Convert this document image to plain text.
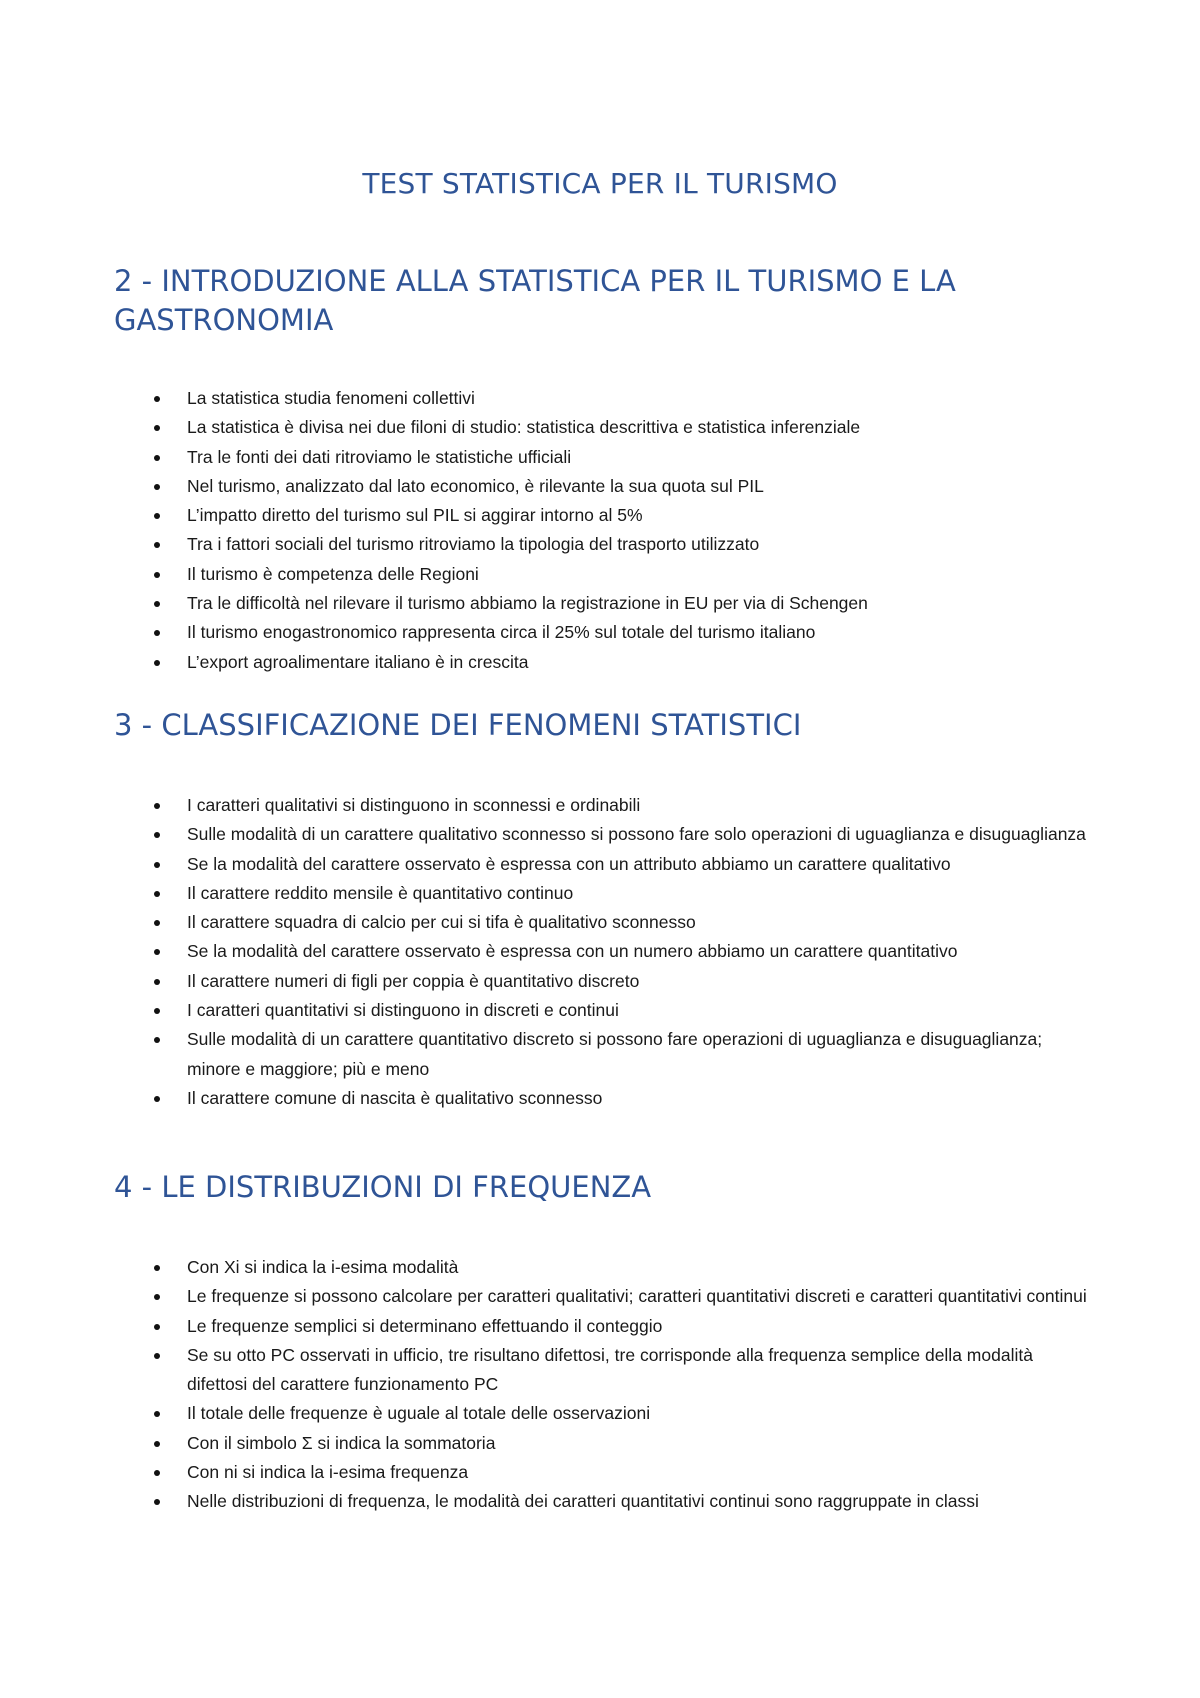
TEST STATISTICA PER IL TURISMO
2 - INTRODUZIONE ALLA STATISTICA PER IL TURISMO E LA GASTRONOMIA
La statistica studia fenomeni collettivi
La statistica è divisa nei due filoni di studio: statistica descrittiva e statistica inferenziale
Tra le fonti dei dati ritroviamo le statistiche ufficiali
Nel turismo, analizzato dal lato economico, è rilevante la sua quota sul PIL
L’impatto diretto del turismo sul PIL si aggirar intorno al 5%
Tra i fattori sociali del turismo ritroviamo la tipologia del trasporto utilizzato
Il turismo è competenza delle Regioni
Tra le difficoltà nel rilevare il turismo abbiamo la registrazione in EU per via di Schengen
Il turismo enogastronomico rappresenta circa il 25% sul totale del turismo italiano
L’export agroalimentare italiano è in crescita
3 - CLASSIFICAZIONE DEI FENOMENI STATISTICI
I caratteri qualitativi si distinguono in sconnessi e ordinabili
Sulle modalità di un carattere qualitativo sconnesso si possono fare solo operazioni di uguaglianza e disuguaglianza
Se la modalità del carattere osservato è espressa con un attributo abbiamo un carattere qualitativo
Il carattere reddito mensile è quantitativo continuo
Il carattere squadra di calcio per cui si tifa è qualitativo sconnesso
Se la modalità del carattere osservato è espressa con un numero abbiamo un carattere quantitativo
Il carattere numeri di figli per coppia è quantitativo discreto
I caratteri quantitativi si distinguono in discreti e continui
Sulle modalità di un carattere quantitativo discreto si possono fare operazioni di uguaglianza e disuguaglianza; minore e maggiore; più e meno
Il carattere comune di nascita è qualitativo sconnesso
4 - LE DISTRIBUZIONI DI FREQUENZA
Con Xi si indica la i-esima modalità
Le frequenze si possono calcolare per caratteri qualitativi; caratteri quantitativi discreti e caratteri quantitativi continui
Le frequenze semplici si determinano effettuando il conteggio
Se su otto PC osservati in ufficio, tre risultano difettosi, tre corrisponde alla frequenza semplice della modalità difettosi del carattere funzionamento PC
Il totale delle frequenze è uguale al totale delle osservazioni
Con il simbolo Σ si indica la sommatoria
Con ni si indica la i-esima frequenza
Nelle distribuzioni di frequenza, le modalità dei caratteri quantitativi continui sono raggruppate in classi
